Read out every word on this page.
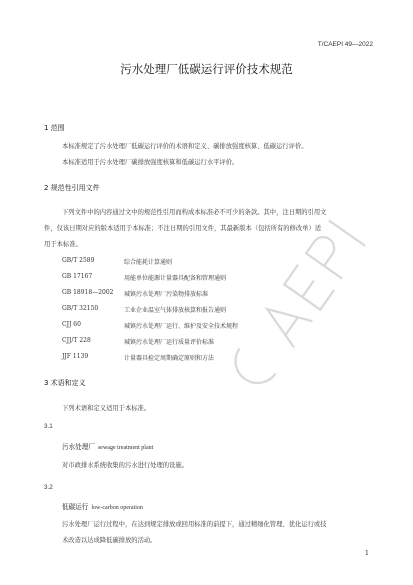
T/CAEPI 49—2022
污水处理厂低碳运行评价技术规范
1 范围
本标准规定了污水处理厂低碳运行评价的术语和定义、碳排放强度核算、低碳运行评价。
本标准适用于污水处理厂碳排放强度核算和低碳运行水平评价。
2 规范性引用文件
下列文件中的内容通过文中的规范性引用而构成本标准必不可少的条款。其中，注日期的引用文
件，仅该日期对应的版本适用于本标准；不注日期的引用文件，其最新版本（包括所有的修改单）适
用于本标准。
GB/T 2589	综合能耗计算通则
GB 17167	用能单位能源计量器具配备和管理通则
GB 18918—2002 城镇污水处理厂污染物排放标准
GB/T 32150	工业企业温室气体排放核算和报告通则
CJJ 60	城镇污水处理厂运行、维护及安全技术规程
CJJ/T 228	城镇污水处理厂运行质量评价标准
JJF 1139	计量器具检定周期确定原则和方法
3 术语和定义
下列术语和定义适用于本标准。
3.1
污水处理厂 sewage treatment plant
对市政排水系统收集的污水进行处理的设施。
3.2
低碳运行 low-carbon operation
污水处理厂运行过程中，在达到规定排放或回用标准的前提下，通过精细化管理、优化运行或技
术改造以达成降低碳排放的活动。
1
